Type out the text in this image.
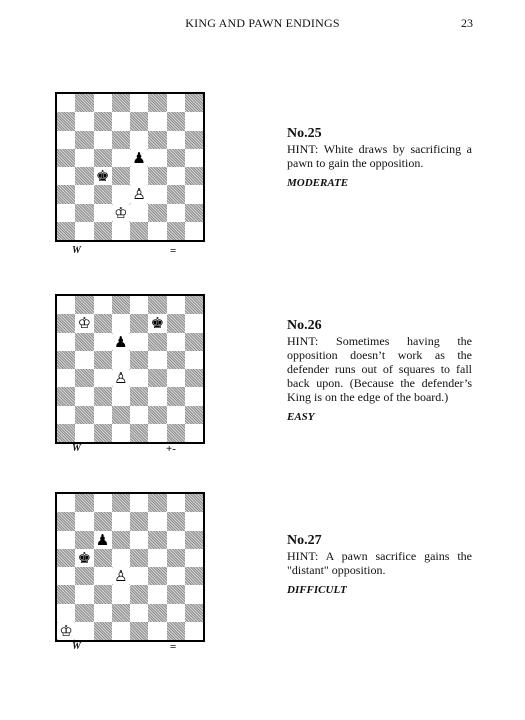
KING AND PAWN ENDINGS	23
♟
♚
♙
♔
W	=
No.25
HINT: White draws by sacrificing a pawn to gain the opposition.
MODERATE
♔	♚
♟
♙
W	+-
No.26
HINT: Sometimes having the opposition doesn’t work as the defender runs out of squares to fall back upon. (Because the defender’s King is on the edge of the board.)
EASY
♟
♚
♙
♔
W	=
No.27
HINT: A pawn sacrifice gains the "distant" opposition.
DIFFICULT
